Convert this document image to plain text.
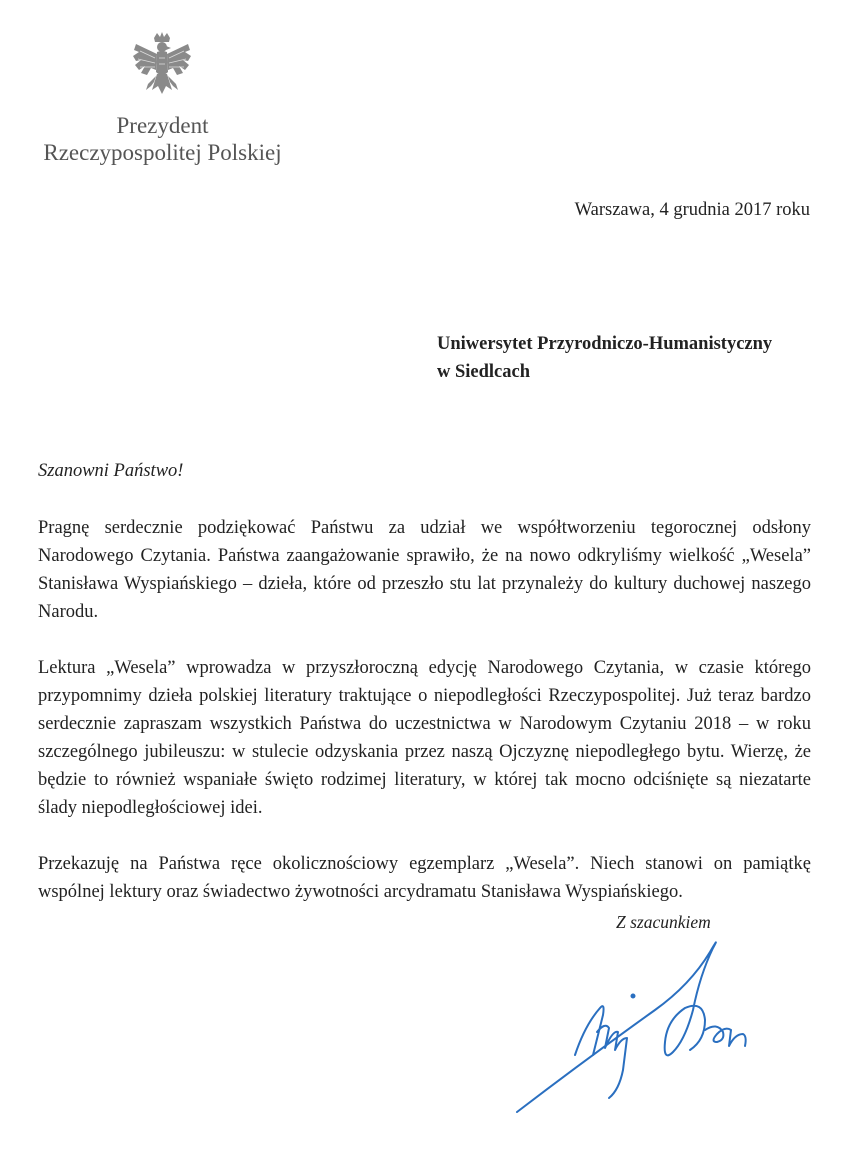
Prezydent
Rzeczypospolitej Polskiej
Warszawa, 4 grudnia 2017 roku
Uniwersytet Przyrodniczo-Humanistyczny
w Siedlcach
Szanowni Państwo!

Pragnę serdecznie podziękować Państwu za udział we współtworzeniu tegorocznej odsłony Narodowego Czytania. Państwa zaangażowanie sprawiło, że na nowo odkryliśmy wielkość „Wesela” Stanisława Wyspiańskiego – dzieła, które od przeszło stu lat przynależy do kultury duchowej naszego Narodu.

Lektura „Wesela” wprowadza w przyszłoroczną edycję Narodowego Czytania, w czasie którego przypomnimy dzieła polskiej literatury traktujące o niepodległości Rzeczypospolitej. Już teraz bardzo serdecznie zapraszam wszystkich Państwa do uczestnictwa w Narodowym Czytaniu 2018 – w roku szczególnego jubileuszu: w stulecie odzyskania przez naszą Ojczyznę niepodległego bytu. Wierzę, że będzie to również wspaniałe święto rodzimej literatury, w której tak mocno odciśnięte są niezatarte ślady niepodległościowej idei.

Przekazuję na Państwa ręce okolicznościowy egzemplarz „Wesela”. Niech stanowi on pamiątkę wspólnej lektury oraz świadectwo żywotności arcydramatu Stanisława Wyspiańskiego.

Z szacunkiem
